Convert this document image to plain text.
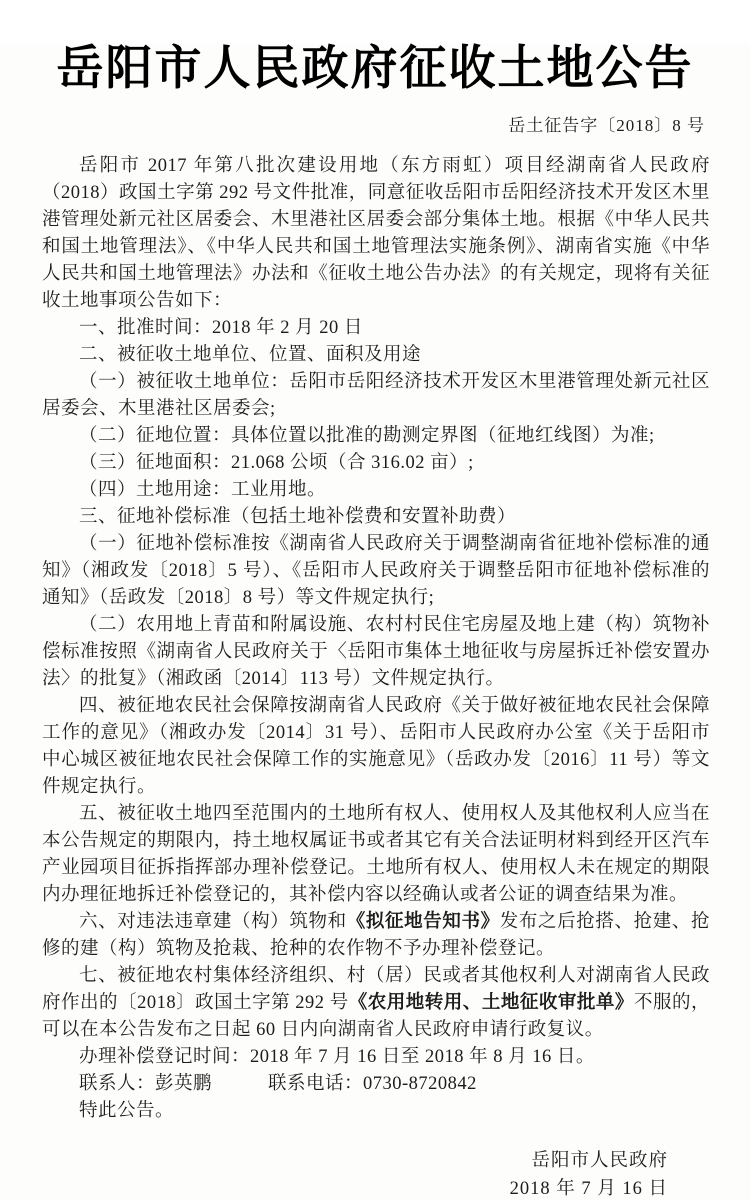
岳阳市人民政府征收土地公告
岳土征告字〔2018〕8 号

岳阳市 2017 年第八批次建设用地（东方雨虹）项目经湖南省人民政府（2018）政国土字第 292 号文件批准，同意征收岳阳市岳阳经济技术开发区木里港管理处新元社区居委会、木里港社区居委会部分集体土地。根据《中华人民共和国土地管理法》、《中华人民共和国土地管理法实施条例》、湖南省实施《中华人民共和国土地管理法》办法和《征收土地公告办法》的有关规定，现将有关征收土地事项公告如下：

一、批准时间：2018 年 2 月 20 日

二、被征收土地单位、位置、面积及用途

（一）被征收土地单位：岳阳市岳阳经济技术开发区木里港管理处新元社区居委会、木里港社区居委会;

（二）征地位置：具体位置以批准的勘测定界图（征地红线图）为准;

（三）征地面积：21.068 公顷（合 316.02 亩）;

（四）土地用途：工业用地。

三、征地补偿标准（包括土地补偿费和安置补助费）

（一）征地补偿标准按《湖南省人民政府关于调整湖南省征地补偿标准的通知》（湘政发〔2018〕5 号）、《岳阳市人民政府关于调整岳阳市征地补偿标准的通知》（岳政发〔2018〕8 号）等文件规定执行;

（二）农用地上青苗和附属设施、农村村民住宅房屋及地上建（构）筑物补偿标准按照《湖南省人民政府关于〈岳阳市集体土地征收与房屋拆迁补偿安置办法〉的批复》（湘政函〔2014〕113 号）文件规定执行。

四、被征地农民社会保障按湖南省人民政府《关于做好被征地农民社会保障工作的意见》（湘政办发〔2014〕31 号）、岳阳市人民政府办公室《关于岳阳市中心城区被征地农民社会保障工作的实施意见》（岳政办发〔2016〕11 号）等文件规定执行。

五、被征收土地四至范围内的土地所有权人、使用权人及其他权利人应当在本公告规定的期限内，持土地权属证书或者其它有关合法证明材料到经开区汽车产业园项目征拆指挥部办理补偿登记。土地所有权人、使用权人未在规定的期限内办理征地拆迁补偿登记的，其补偿内容以经确认或者公证的调查结果为准。

六、对违法违章建（构）筑物和《拟征地告知书》发布之后抢搭、抢建、抢修的建（构）筑物及抢栽、抢种的农作物不予办理补偿登记。

七、被征地农村集体经济组织、村（居）民或者其他权利人对湖南省人民政府作出的〔2018〕政国土字第 292 号《农用地转用、土地征收审批单》不服的，可以在本公告发布之日起 60 日内向湖南省人民政府申请行政复议。

办理补偿登记时间：2018 年 7 月 16 日至 2018 年 8 月 16 日。

联系人：彭英鹏	联系电话：0730-8720842

特此公告。

岳阳市人民政府
2018 年 7 月 16 日
